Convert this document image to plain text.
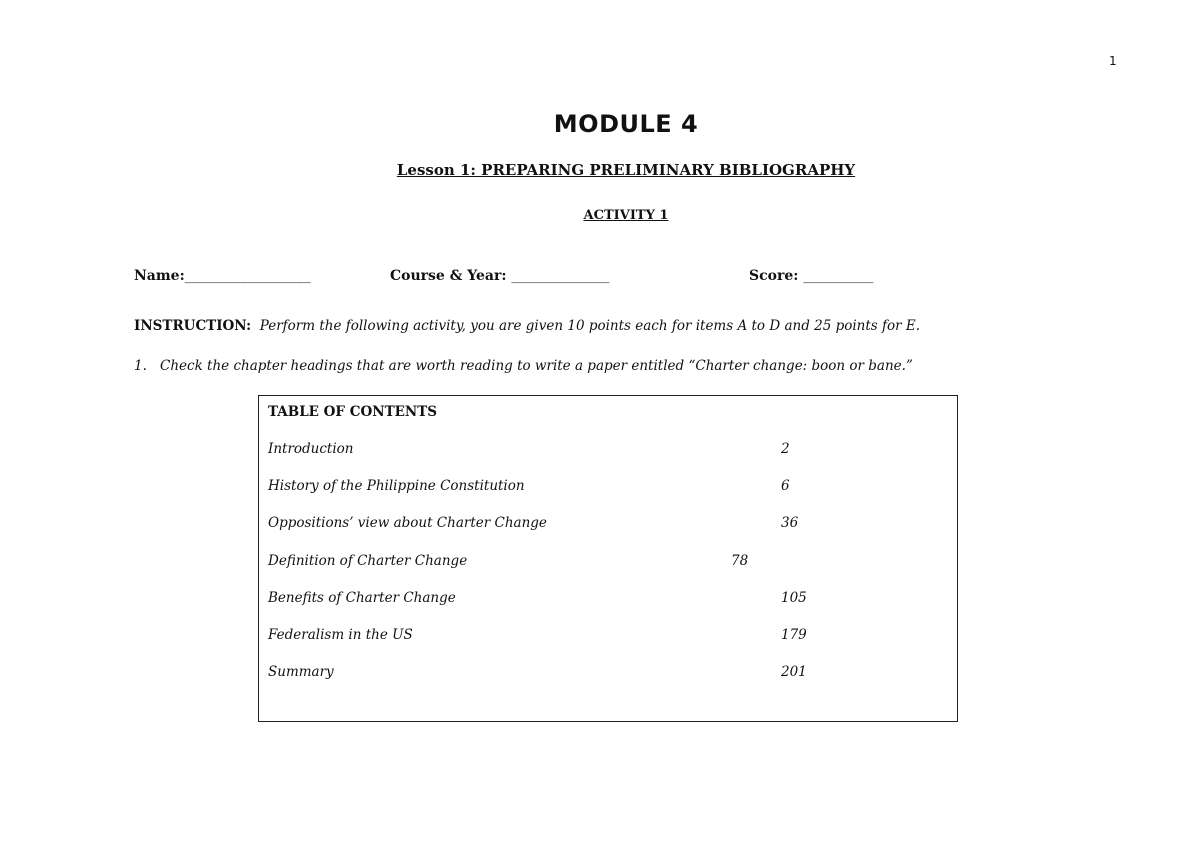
1
MODULE 4
Lesson 1: PREPARING PRELIMINARY BIBLIOGRAPHY
ACTIVITY 1
Name:__________________	Course & Year: ______________	Score: __________
INSTRUCTION: Perform the following activity, you are given 10 points each for items A to D and 25 points for E.
1. Check the chapter headings that are worth reading to write a paper entitled “Charter change: boon or bane.”
TABLE OF CONTENTS
Introduction	2
History of the Philippine Constitution	6
Oppositions’ view about Charter Change	36
Definition of Charter Change	78
Benefits of Charter Change	105
Federalism in the US	179
Summary	201
